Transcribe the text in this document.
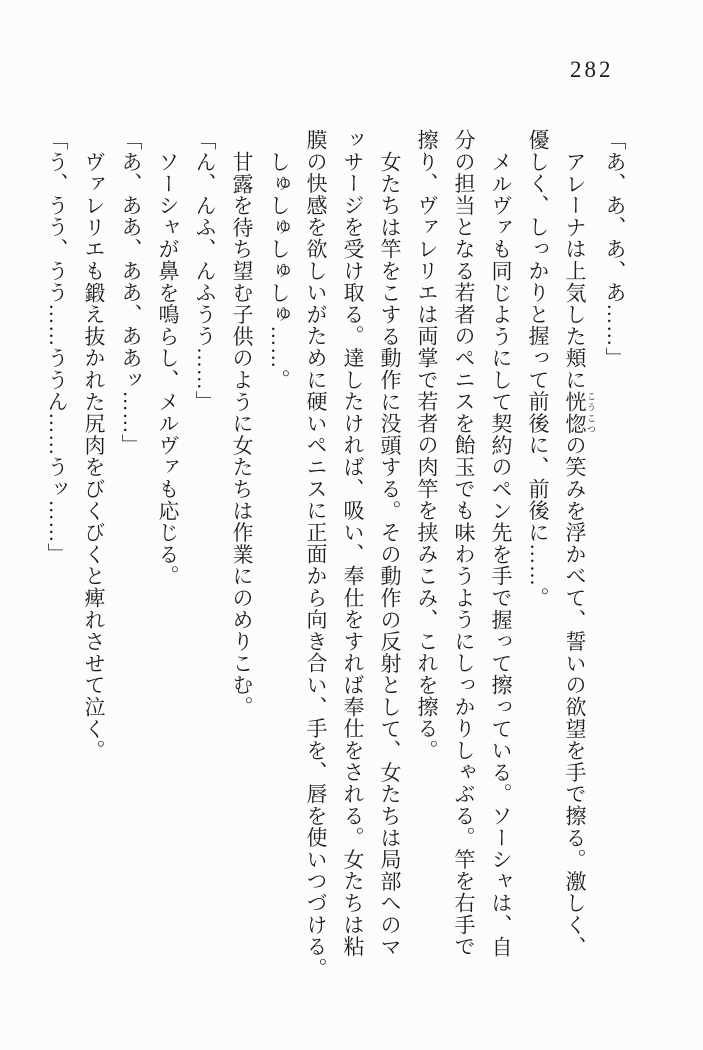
282
「あ、あ、あ、あ……」
アレーナは上気した頬に恍惚 こうこつの笑みを浮かべて、誓いの欲望を手で擦る。激しく、
優しく、しっかりと握って前後に、前後に……。
メルヴァも同じようにして契約のペン先を手で握って擦っている。ソーシャは、自
分の担当となる若者のペニスを飴玉でも味わうようにしっかりしゃぶる。竿を右手で
擦り、ヴァレリエは両掌で若者の肉竿を挟みこみ、これを擦る。
女たちは竿をこする動作に没頭する。その動作の反射として、女たちは局部へのマ
ッサージを受け取る。達したければ、吸い、奉仕をすれば奉仕をされる。女たちは粘
膜の快感を欲しいがために硬いペニスに正面から向き合い、手を、唇を使いつづける。
しゅしゅしゅしゅ……。
甘露を待ち望む子供のように女たちは作業にのめりこむ。
「ん、んふ、んふうう……」
ソーシャが鼻を鳴らし、メルヴァも応じる。
「あ、ああ、ああ、ああッ……」
ヴァレリエも鍛え抜かれた尻肉をびくびくと痺れさせて泣く。
「う、うう、うう……ううん……うッ……」
